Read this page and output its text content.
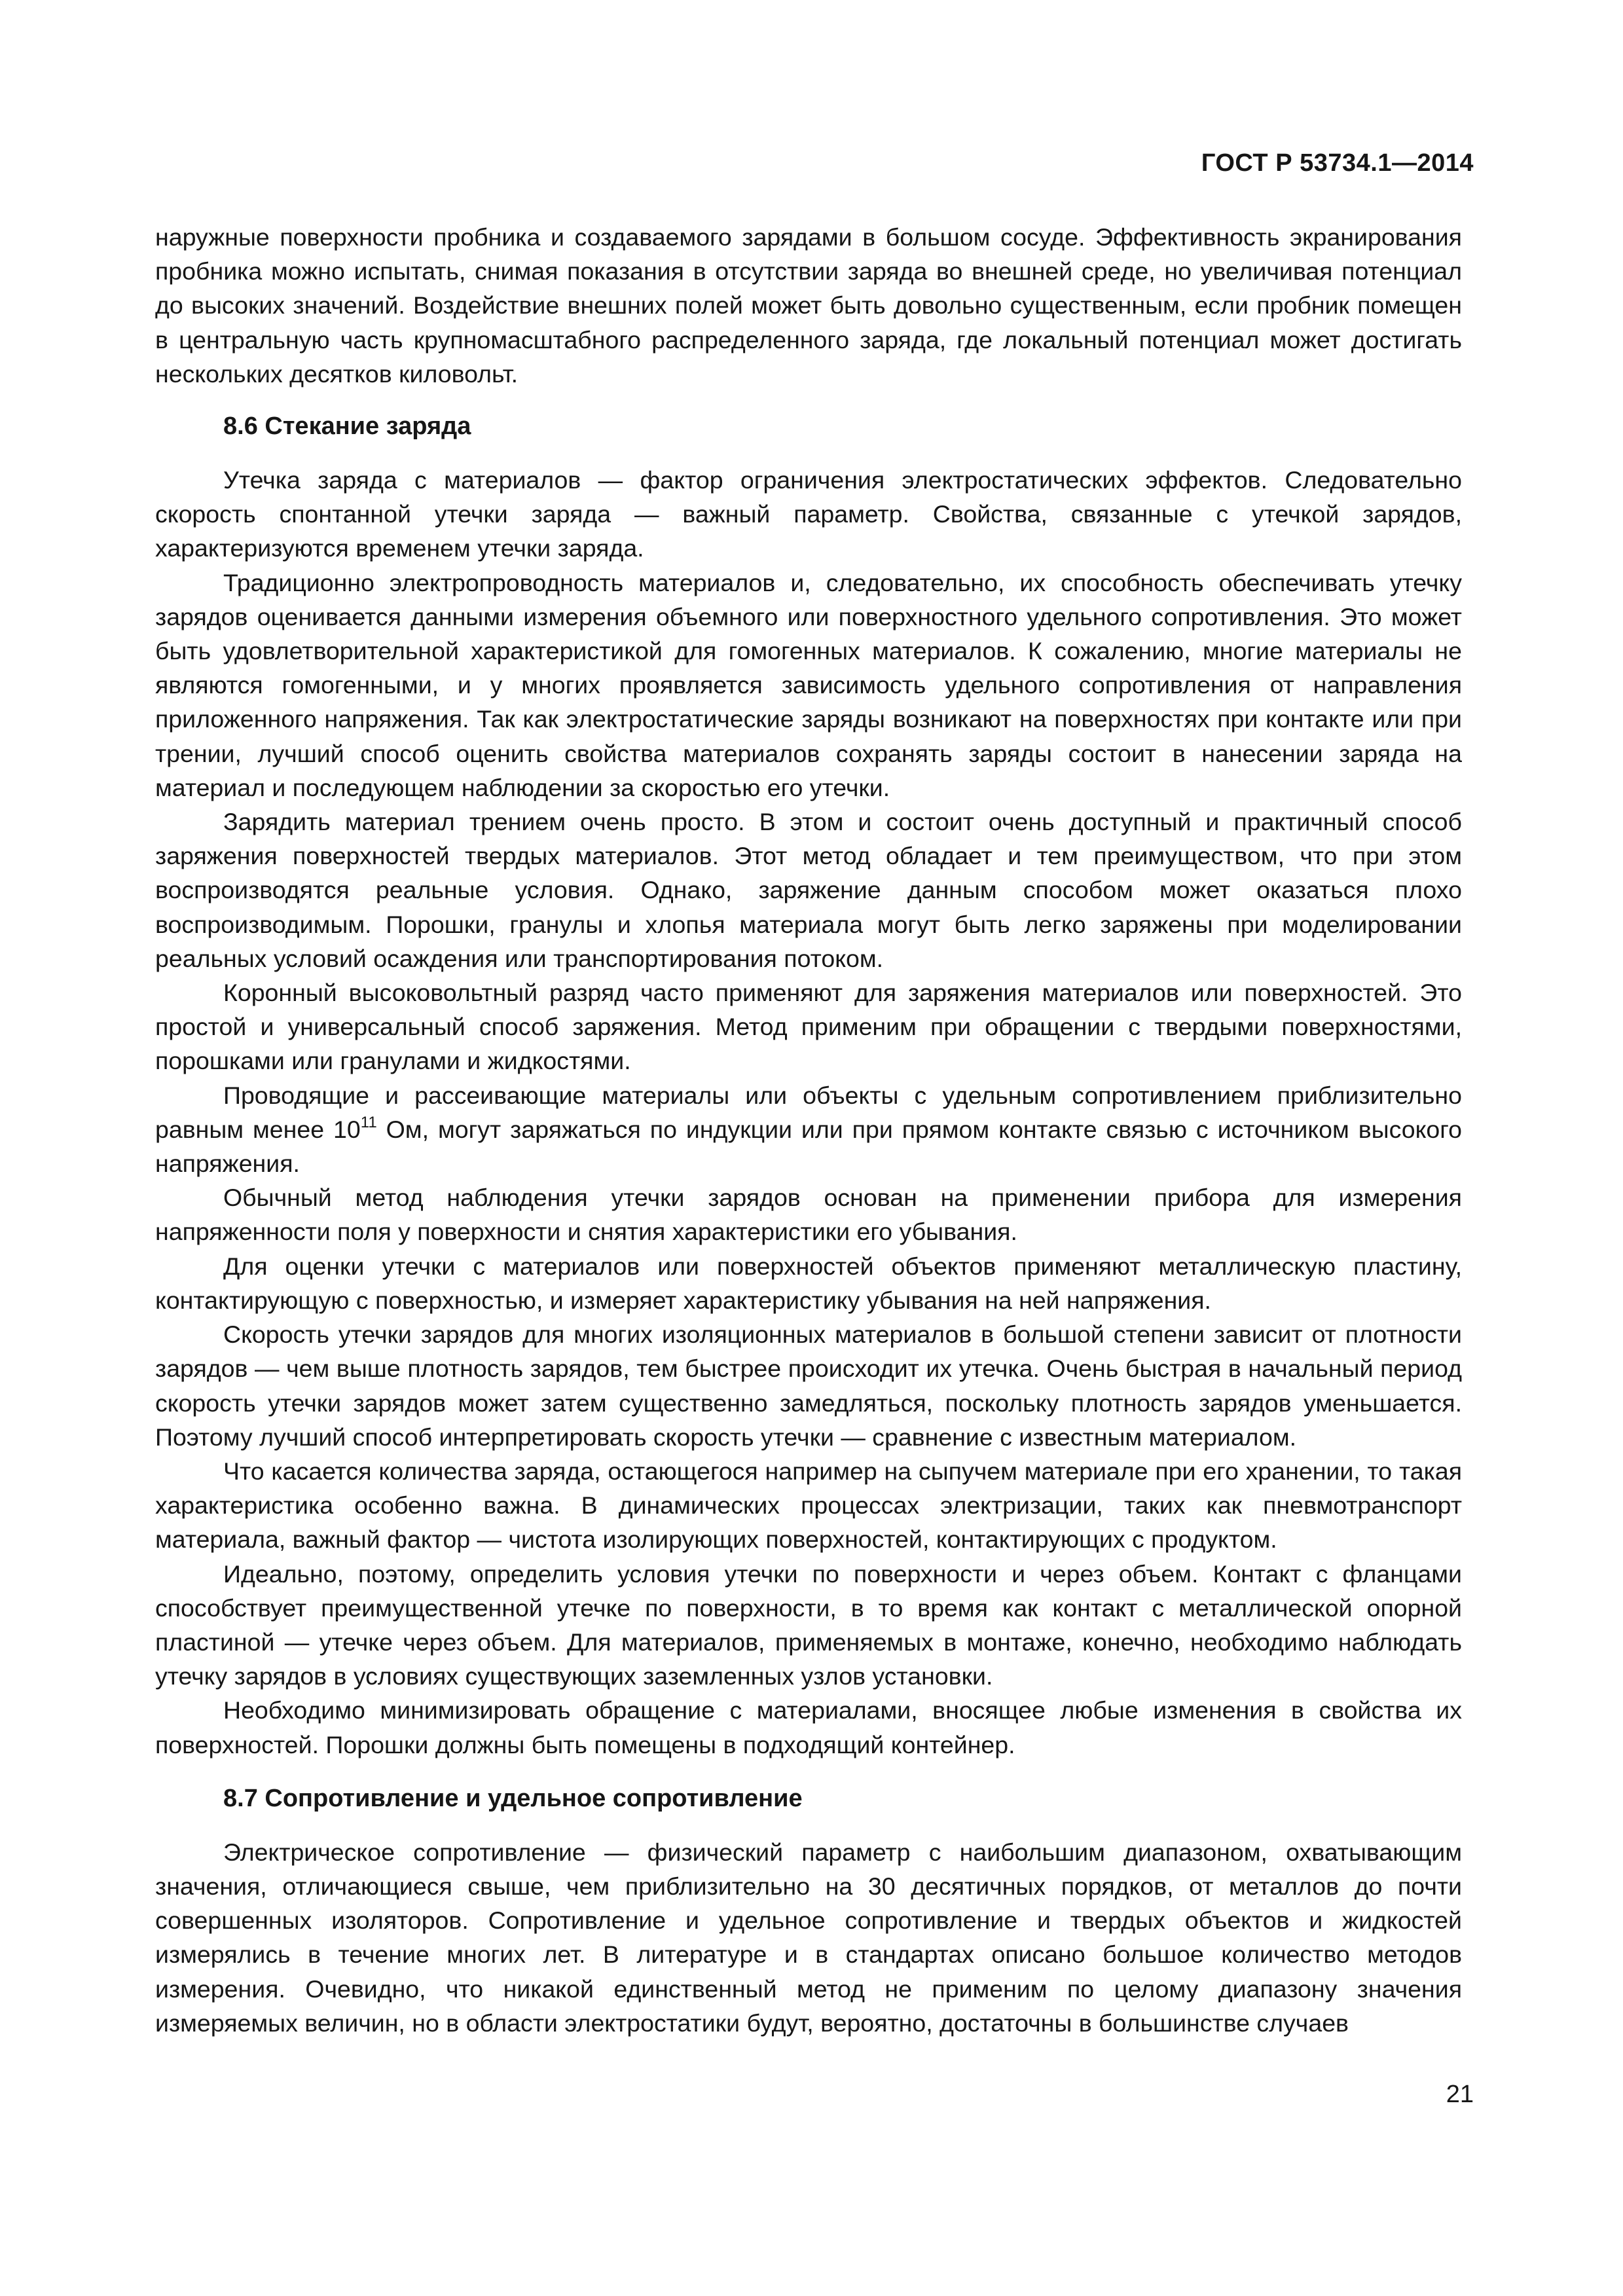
ГОСТ Р 53734.1—2014

наружные поверхности пробника и создаваемого зарядами в большом сосуде. Эффективность экранирования пробника можно испытать, снимая показания в отсутствии заряда во внешней среде, но увеличивая потенциал до высоких значений. Воздействие внешних полей может быть довольно существенным, если пробник помещен в центральную часть крупномасштабного распределенного заряда, где локальный потенциал может достигать нескольких десятков киловольт.

8.6 Стекание заряда

Утечка заряда с материалов — фактор ограничения электростатических эффектов. Следовательно скорость спонтанной утечки заряда — важный параметр. Свойства, связанные с утечкой зарядов, характеризуются временем утечки заряда.

Традиционно электропроводность материалов и, следовательно, их способность обеспечивать утечку зарядов оценивается данными измерения объемного или поверхностного удельного сопротивления. Это может быть удовлетворительной характеристикой для гомогенных материалов. К сожалению, многие материалы не являются гомогенными, и у многих проявляется зависимость удельного сопротивления от направления приложенного напряжения. Так как электростатические заряды возникают на поверхностях при контакте или при трении, лучший способ оценить свойства материалов сохранять заряды состоит в нанесении заряда на материал и последующем наблюдении за скоростью его утечки.

Зарядить материал трением очень просто. В этом и состоит очень доступный и практичный способ заряжения поверхностей твердых материалов. Этот метод обладает и тем преимуществом, что при этом воспроизводятся реальные условия. Однако, заряжение данным способом может оказаться плохо воспроизводимым. Порошки, гранулы и хлопья материала могут быть легко заряжены при моделировании реальных условий осаждения или транспортирования потоком.

Коронный высоковольтный разряд часто применяют для заряжения материалов или поверхностей. Это простой и универсальный способ заряжения. Метод применим при обращении с твердыми поверхностями, порошками или гранулами и жидкостями.

Проводящие и рассеивающие материалы или объекты с удельным сопротивлением приблизительно равным менее $10^{11}$ Ом, могут заряжаться по индукции или при прямом контакте связью с источником высокого напряжения.

Обычный метод наблюдения утечки зарядов основан на применении прибора для измерения напряженности поля у поверхности и снятия характеристики его убывания.

Для оценки утечки с материалов или поверхностей объектов применяют металлическую пластину, контактирующую с поверхностью, и измеряет характеристику убывания на ней напряжения.

Скорость утечки зарядов для многих изоляционных материалов в большой степени зависит от плотности зарядов — чем выше плотность зарядов, тем быстрее происходит их утечка. Очень быстрая в начальный период скорость утечки зарядов может затем существенно замедляться, поскольку плотность зарядов уменьшается. Поэтому лучший способ интерпретировать скорость утечки — сравнение с известным материалом.

Что касается количества заряда, остающегося например на сыпучем материале при его хранении, то такая характеристика особенно важна. В динамических процессах электризации, таких как пневмотранспорт материала, важный фактор — чистота изолирующих поверхностей, контактирующих с продуктом.

Идеально, поэтому, определить условия утечки по поверхности и через объем. Контакт с фланцами способствует преимущественной утечке по поверхности, в то время как контакт с металлической опорной пластиной — утечке через объем. Для материалов, применяемых в монтаже, конечно, необходимо наблюдать утечку зарядов в условиях существующих заземленных узлов установки.

Необходимо минимизировать обращение с материалами, вносящее любые изменения в свойства их поверхностей. Порошки должны быть помещены в подходящий контейнер.

8.7 Сопротивление и удельное сопротивление

Электрическое сопротивление — физический параметр с наибольшим диапазоном, охватывающим значения, отличающиеся свыше, чем приблизительно на 30 десятичных порядков, от металлов до почти совершенных изоляторов. Сопротивление и удельное сопротивление и твердых объектов и жидкостей измерялись в течение многих лет. В литературе и в стандартах описано большое количество методов измерения. Очевидно, что никакой единственный метод не применим по целому диапазону значения измеряемых величин, но в области электростатики будут, вероятно, достаточны в большинстве случаев

21
